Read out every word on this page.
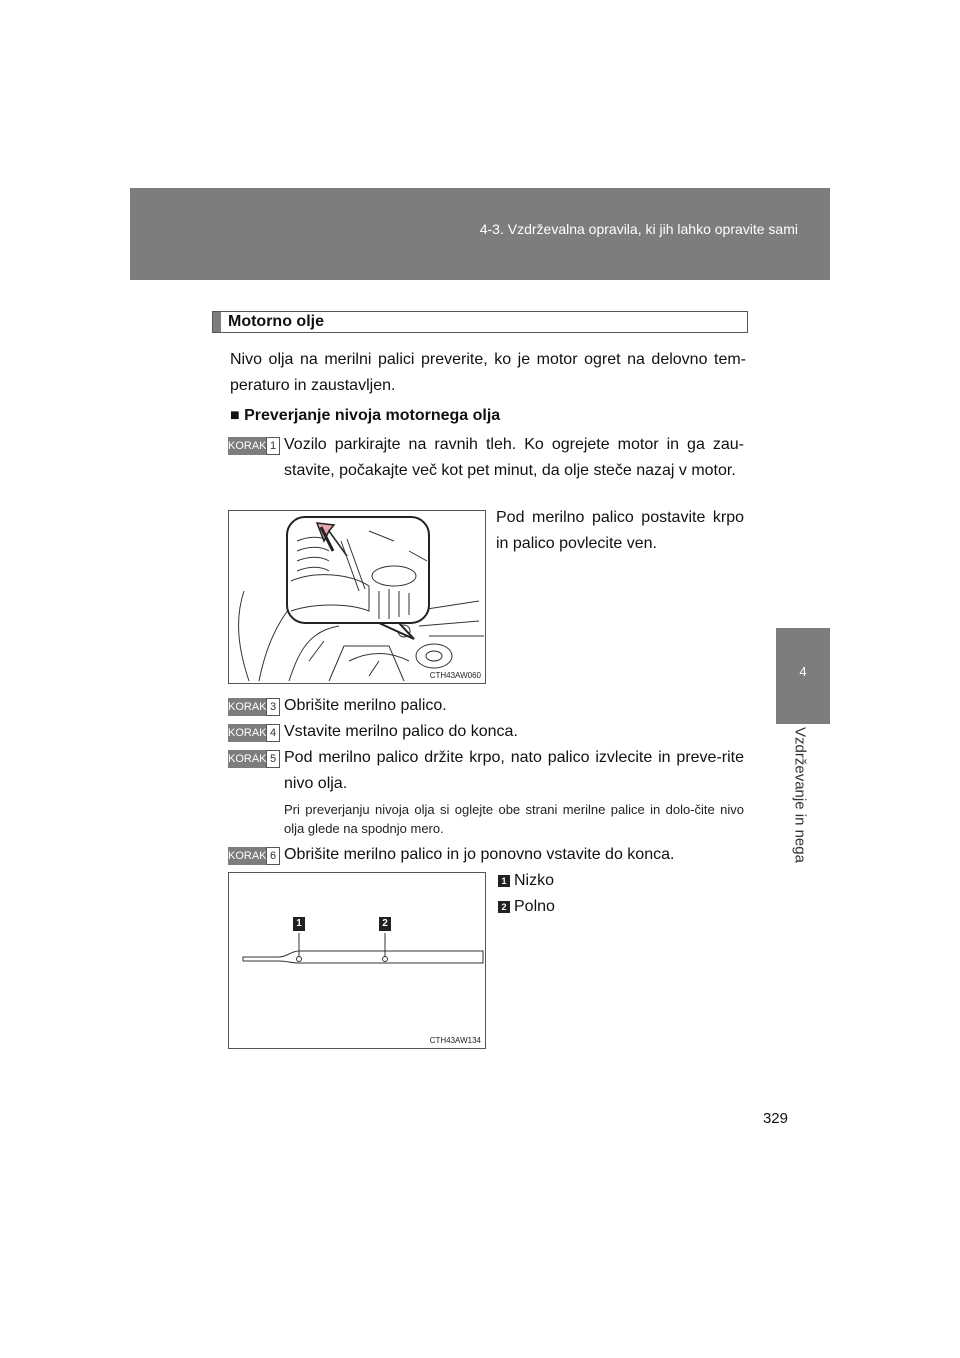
4-3. Vzdrževalna opravila, ki jih lahko opravite sami
4
Vzdrževanje in nega
Motorno olje
Nivo olja na merilni palici preverite, ko je motor ogret na delovno tem-peraturo in zaustavljen.
■ Preverjanje nivoja motornega olja
KORAK 1 Vozilo parkirajte na ravnih tleh. Ko ogrejete motor in ga zau-stavite, počakajte več kot pet minut, da olje steče nazaj v motor.
Pod merilno palico postavite krpo in palico povlecite ven.
CTH43AW060
KORAK 3 Obrišite merilno palico.
KORAK 4 Vstavite merilno palico do konca.
KORAK 5 Pod merilno palico držite krpo, nato palico izvlecite in preve-rite nivo olja.
Pri preverjanju nivoja olja si oglejte obe strani merilne palice in dolo-čite nivo olja glede na spodnjo mero.
KORAK 6 Obrišite merilno palico in jo ponovno vstavite do konca.
1	2
CTH43AW134
1 Nizko
2 Polno
329
